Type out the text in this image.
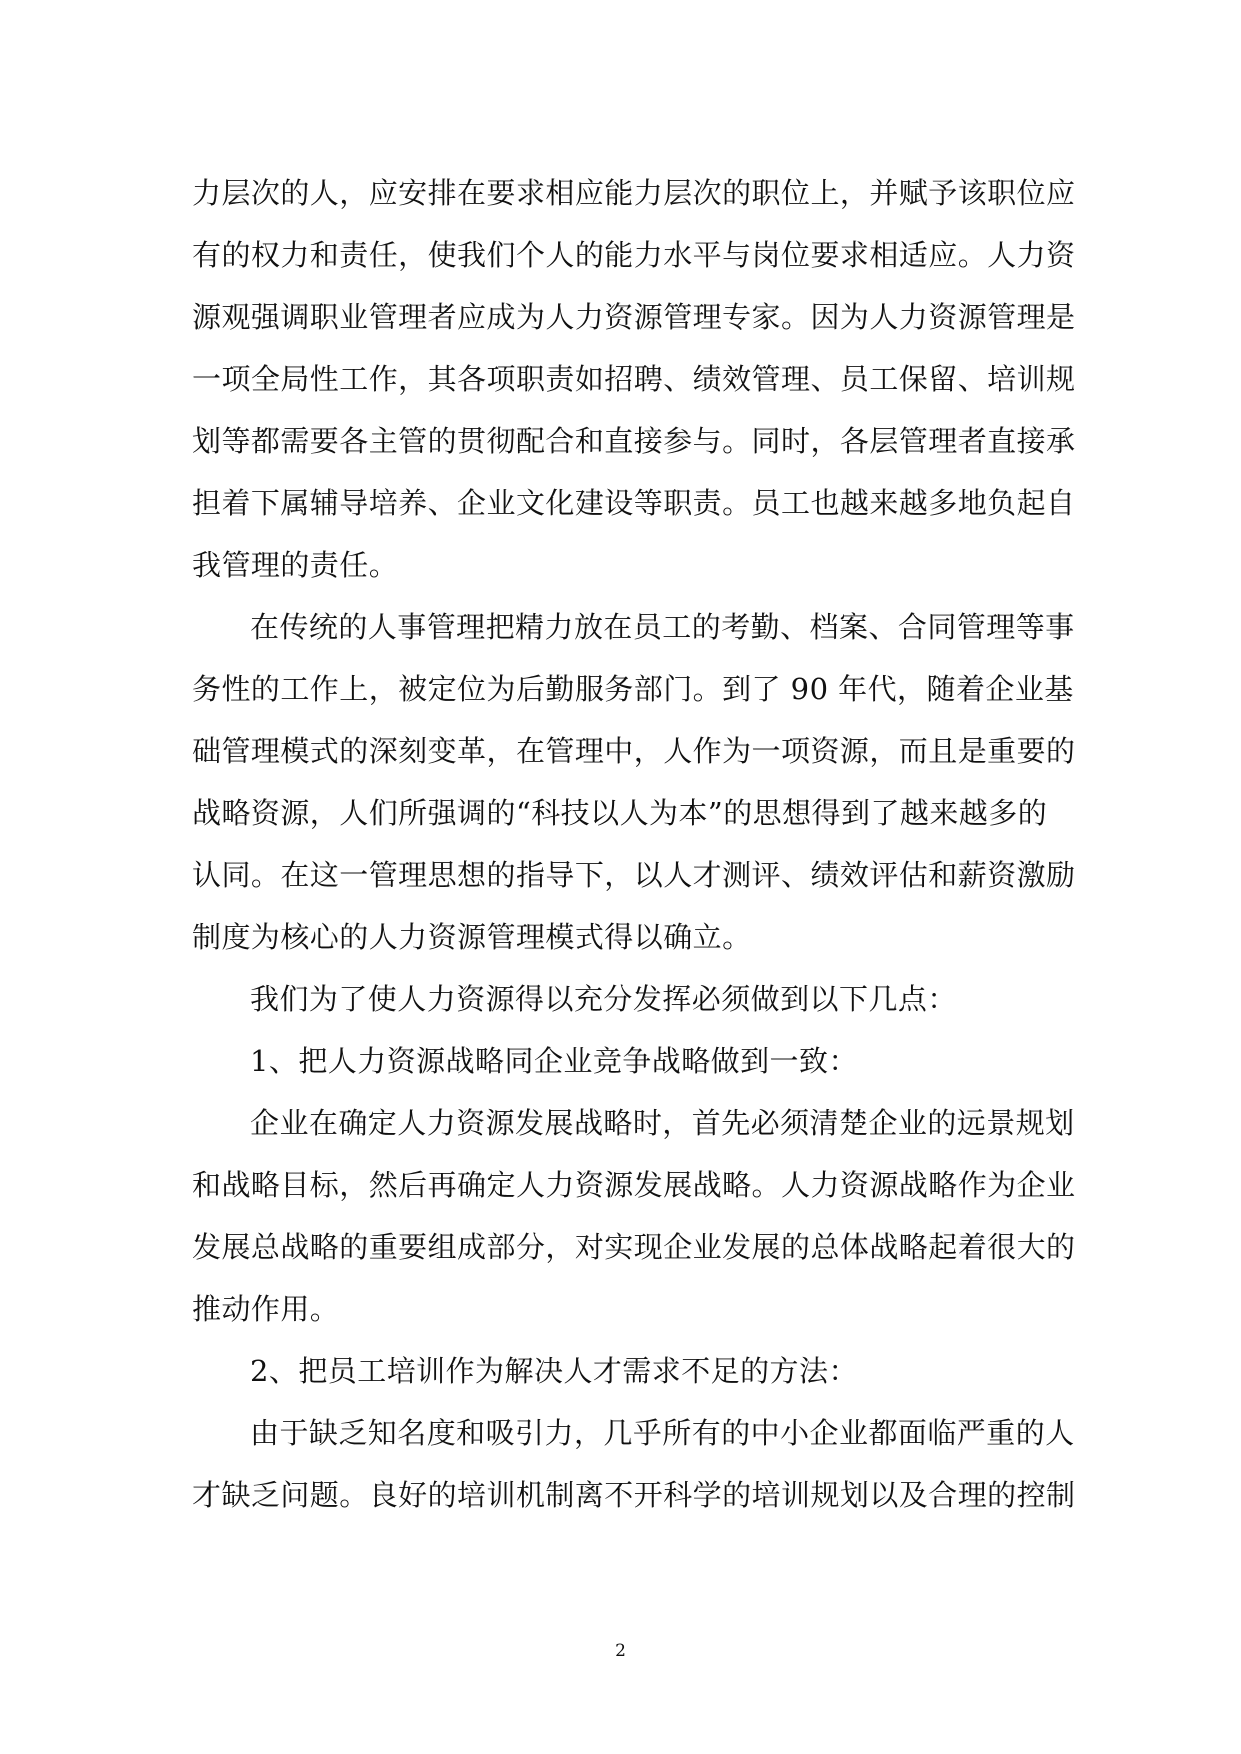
力层次的人，应安排在要求相应能力层次的职位上，并赋予该职位应
有的权力和责任，使我们个人的能力水平与岗位要求相适应。人力资
源观强调职业管理者应成为人力资源管理专家。因为人力资源管理是
一项全局性工作，其各项职责如招聘、绩效管理、员工保留、培训规
划等都需要各主管的贯彻配合和直接参与。同时，各层管理者直接承
担着下属辅导培养、企业文化建设等职责。员工也越来越多地负起自
我管理的责任。
在传统的人事管理把精力放在员工的考勤、档案、合同管理等事
务性的工作上，被定位为后勤服务部门。到了 90 年代，随着企业基
础管理模式的深刻变革，在管理中，人作为一项资源，而且是重要的
战略资源，人们所强调的“科技以人为本”的思想得到了越来越多的
认同。在这一管理思想的指导下，以人才测评、绩效评估和薪资激励
制度为核心的人力资源管理模式得以确立。
我们为了使人力资源得以充分发挥必须做到以下几点：
1、把人力资源战略同企业竞争战略做到一致：
企业在确定人力资源发展战略时，首先必须清楚企业的远景规划
和战略目标，然后再确定人力资源发展战略。人力资源战略作为企业
发展总战略的重要组成部分，对实现企业发展的总体战略起着很大的
推动作用。
2、把员工培训作为解决人才需求不足的方法：
由于缺乏知名度和吸引力，几乎所有的中小企业都面临严重的人
才缺乏问题。良好的培训机制离不开科学的培训规划以及合理的控制
2
